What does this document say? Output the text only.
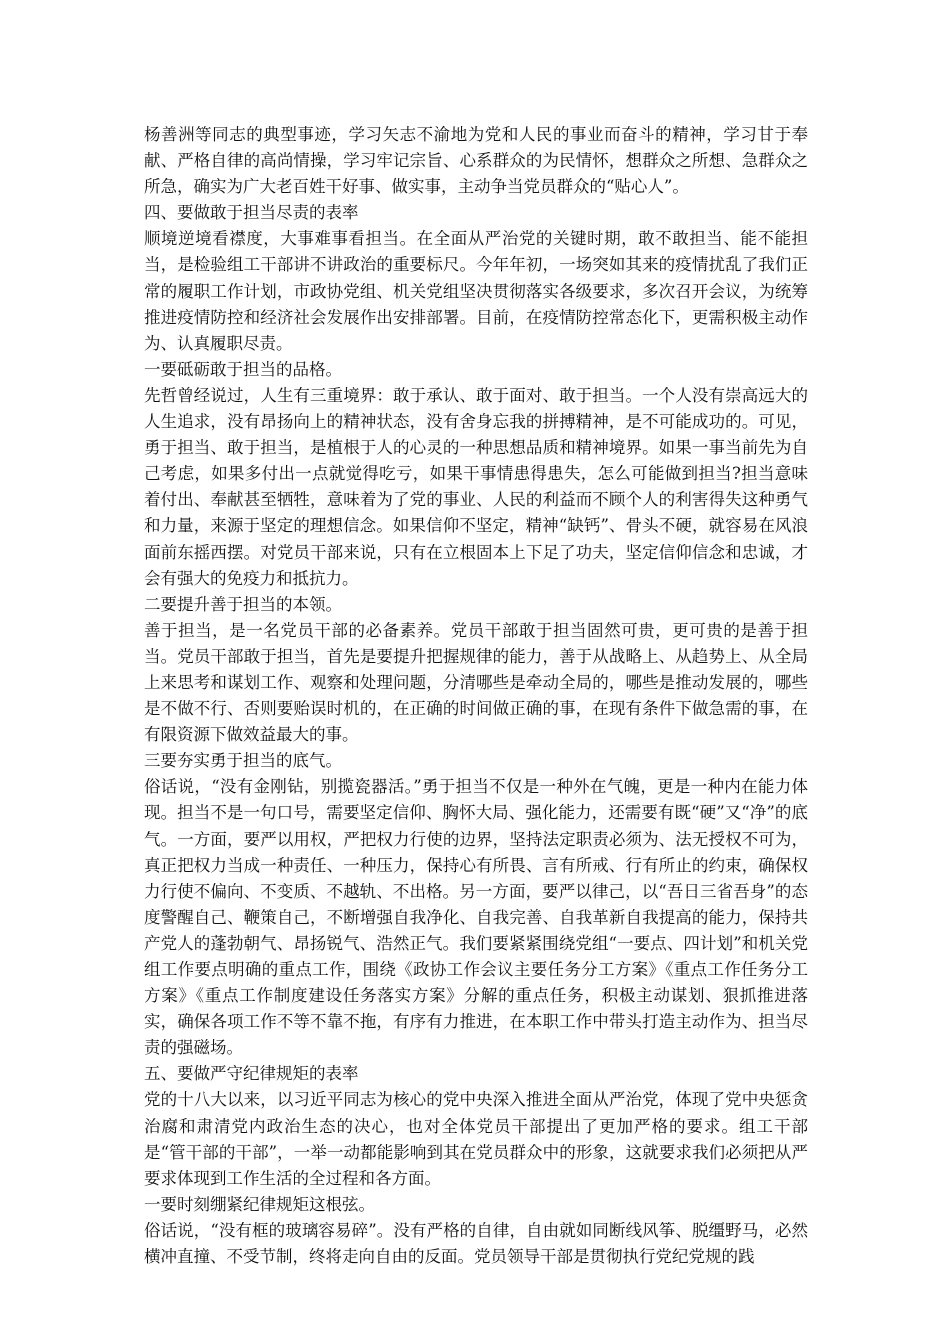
杨善洲等同志的典型事迹，学习矢志不渝地为党和人民的事业而奋斗的精神，学习甘于奉献、严格自律的高尚情操，学习牢记宗旨、心系群众的为民情怀，想群众之所想、急群众之所急，确实为广大老百姓干好事、做实事，主动争当党员群众的“贴心人”。

四、要做敢于担当尽责的表率

顺境逆境看襟度，大事难事看担当。在全面从严治党的关键时期，敢不敢担当、能不能担当，是检验组工干部讲不讲政治的重要标尺。今年年初，一场突如其来的疫情扰乱了我们正常的履职工作计划，市政协党组、机关党组坚决贯彻落实各级要求，多次召开会议，为统筹推进疫情防控和经济社会发展作出安排部署。目前，在疫情防控常态化下，更需积极主动作为、认真履职尽责。

一要砥砺敢于担当的品格。

先哲曾经说过，人生有三重境界：敢于承认、敢于面对、敢于担当。一个人没有崇高远大的人生追求，没有昂扬向上的精神状态，没有舍身忘我的拼搏精神，是不可能成功的。可见，勇于担当、敢于担当，是植根于人的心灵的一种思想品质和精神境界。如果一事当前先为自己考虑，如果多付出一点就觉得吃亏，如果干事情患得患失，怎么可能做到担当?担当意味着付出、奉献甚至牺牲，意味着为了党的事业、人民的利益而不顾个人的利害得失这种勇气和力量，来源于坚定的理想信念。如果信仰不坚定，精神“缺钙”、骨头不硬，就容易在风浪面前东摇西摆。对党员干部来说，只有在立根固本上下足了功夫，坚定信仰信念和忠诚，才会有强大的免疫力和抵抗力。

二要提升善于担当的本领。

善于担当，是一名党员干部的必备素养。党员干部敢于担当固然可贵，更可贵的是善于担当。党员干部敢于担当，首先是要提升把握规律的能力，善于从战略上、从趋势上、从全局上来思考和谋划工作、观察和处理问题，分清哪些是牵动全局的，哪些是推动发展的，哪些是不做不行、否则要贻误时机的，在正确的时间做正确的事，在现有条件下做急需的事，在有限资源下做效益最大的事。

三要夯实勇于担当的底气。

俗话说，“没有金刚钻，别揽瓷器活。”勇于担当不仅是一种外在气魄，更是一种内在能力体现。担当不是一句口号，需要坚定信仰、胸怀大局、强化能力，还需要有既“硬”又“净”的底气。一方面，要严以用权，严把权力行使的边界，坚持法定职责必须为、法无授权不可为，真正把权力当成一种责任、一种压力，保持心有所畏、言有所戒、行有所止的约束，确保权力行使不偏向、不变质、不越轨、不出格。另一方面，要严以律己，以“吾日三省吾身”的态度警醒自己、鞭策自己，不断增强自我净化、自我完善、自我革新自我提高的能力，保持共产党人的蓬勃朝气、昂扬锐气、浩然正气。我们要紧紧围绕党组“一要点、四计划”和机关党组工作要点明确的重点工作，围绕《政协工作会议主要任务分工方案》《重点工作任务分工方案》《重点工作制度建设任务落实方案》分解的重点任务，积极主动谋划、狠抓推进落实，确保各项工作不等不靠不拖，有序有力推进，在本职工作中带头打造主动作为、担当尽责的强磁场。

五、要做严守纪律规矩的表率

党的十八大以来，以习近平同志为核心的党中央深入推进全面从严治党，体现了党中央惩贪治腐和肃清党内政治生态的决心，也对全体党员干部提出了更加严格的要求。组工干部是“管干部的干部”，一举一动都能影响到其在党员群众中的形象，这就要求我们必须把从严要求体现到工作生活的全过程和各方面。

一要时刻绷紧纪律规矩这根弦。

俗话说，“没有框的玻璃容易碎”。没有严格的自律，自由就如同断线风筝、脱缰野马，必然横冲直撞、不受节制，终将走向自由的反面。党员领导干部是贯彻执行党纪党规的践
